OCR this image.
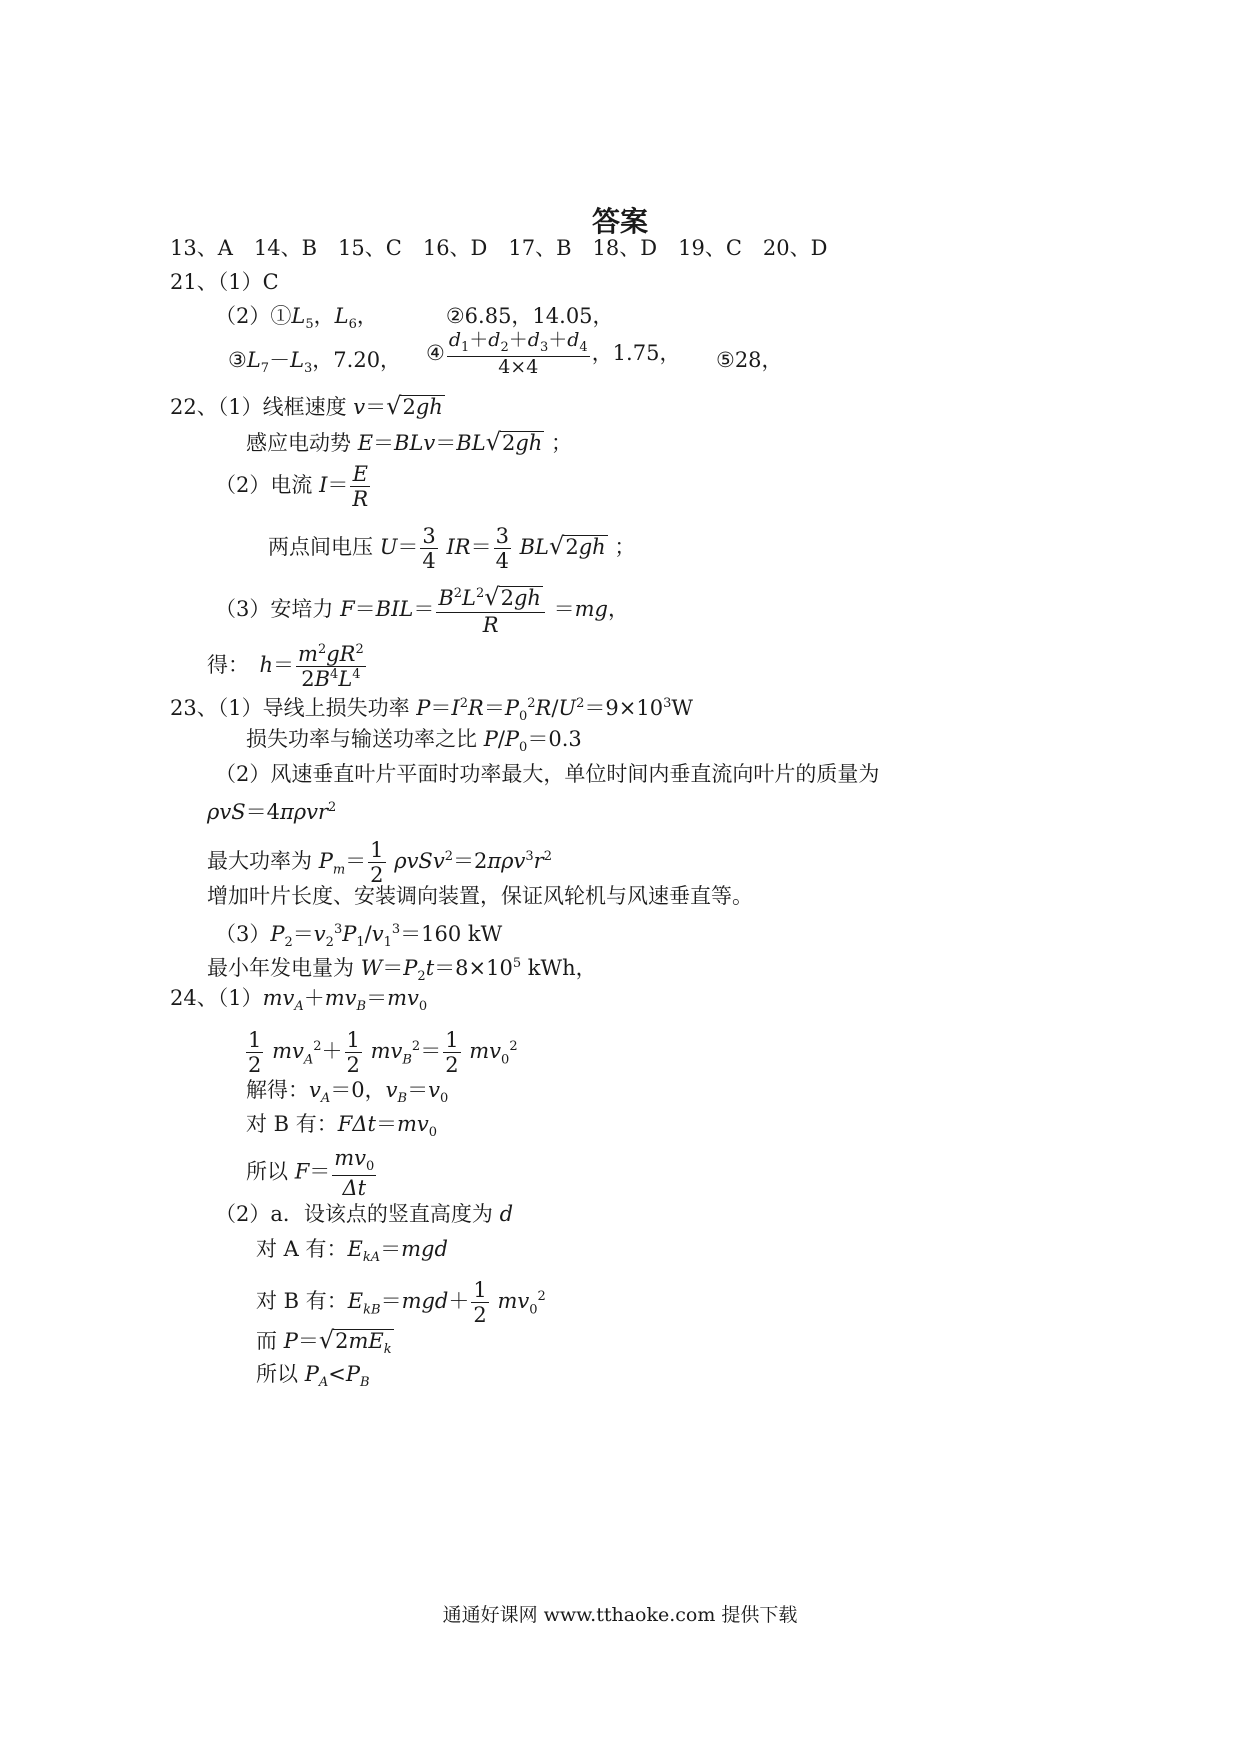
答案
13、A　14、B　15、C　16、D　17、B　18、D　19、C　20、D
21、（1）C
$(2)①L_5$，$L_6$，	②6.85，14.05，
$③L_7-L_3$，7.20， ④ $\frac{d_1+d_2+d_3+d_4}{4\times 4}$ ，1.75， ⑤28，
22、（1）线框速度 v＝√2gh
感应电动势 E＝BLv＝BL√2gh ；
（2）电流 $I= \frac{E}{R}$
两点间电压 $U= \frac{3}{4} IR= \frac{3}{4} BL√2gh$ ；
（3）安培力 $F=BIL= \frac{B^2L^2√2gh}{R} =mg$，
得：　 $h= \frac{m^2gR^2}{2B^4L^4}$
23、（1）导线上损失功率 $P=I^2R=P_0^2R/U^2=9\times 10^3W$
损失功率与输送功率之比 $P/P_0=0.3$
（2）风速垂直叶片平面时功率最大，单位时间内垂直流向叶片的质量为
ρvS＝4πρvr$^2$
最大功率为 $P_m= \frac{1}{2} \rho vSv^2=2\pi\rho v^3r^2$
增加叶片长度、安装调向装置，保证风轮机与风速垂直等。
$(3)P_2=v_2^3P_1/v_1^3=160$ kW
最小年发电量为 $W=P_2t=8\times 10^5$ kWh，
24、$(1)mv_A+mv_B=mv_0$
$\frac{1}{2} mv_A^2+ \frac{1}{2} mv_B^2= \frac{1}{2} mv_0^2$
解得：$v_A=0$，$v_B=v_0$
对 B 有：$F\Delta t=mv_0$
所以 $F= \frac{mv_0}{\Delta t}$
（2）a．设该点的竖直高度为 d
对 A 有：$E_{kA}=mgd$
对 B 有：$E_{kB}=mgd+ \frac{1}{2} mv_0^2$
而 $P=√2mE_k$
所以 $P_A<P_B$
通通好课网 www.tthaoke.com 提供下载
